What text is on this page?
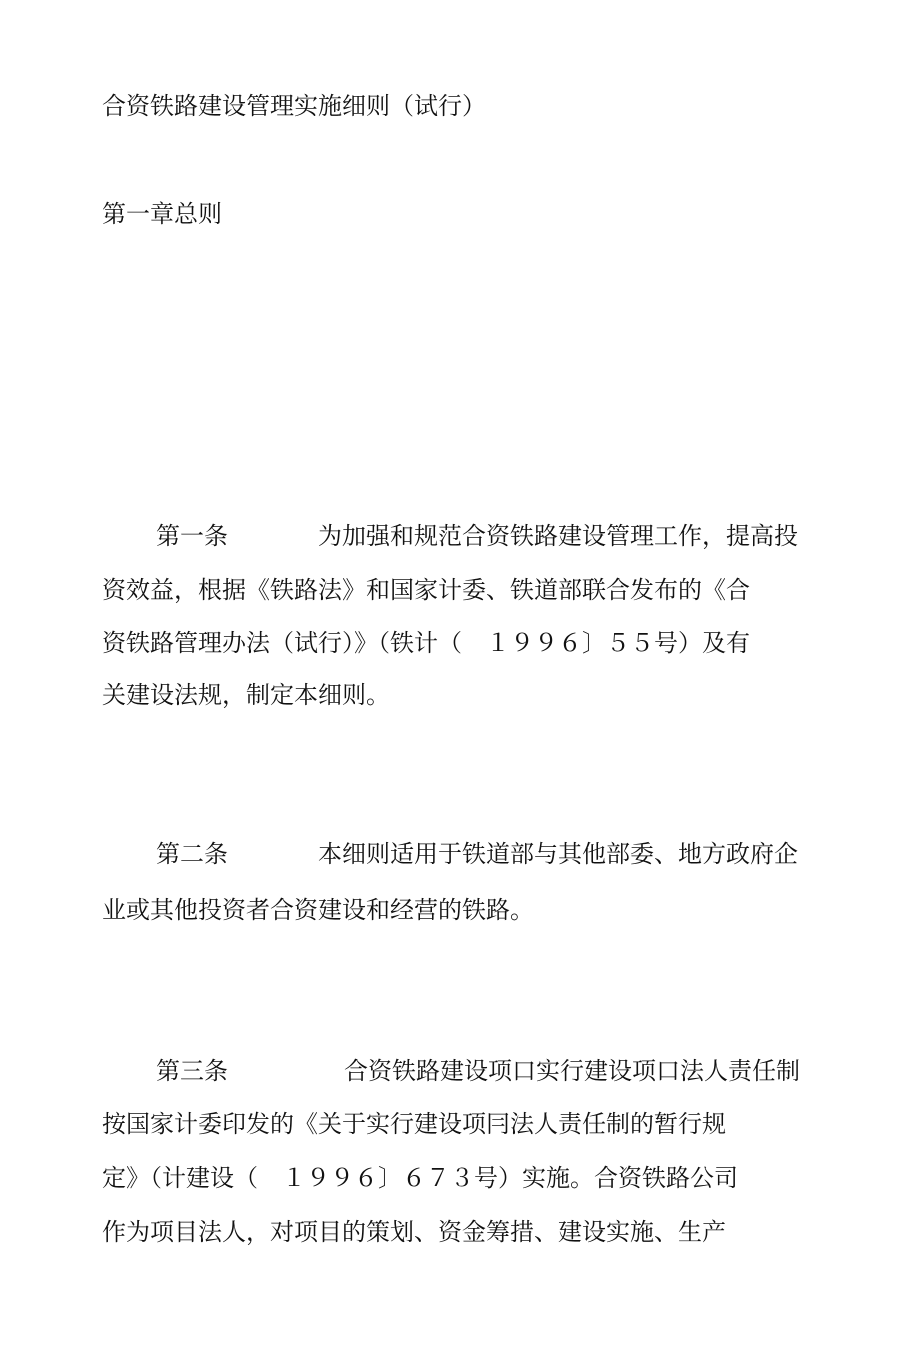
合资铁路建设管理实施细则（试行）
第一章总则
第一条	为加强和规范合资铁路建设管理工作，提高投
资效益，根据《铁路法》和国家计委、铁道部联合发布的《合
资铁路管理办法（试行）》（铁计（　１９９６〕５５号）及有
关建设法规，制定本细则。
第二条	本细则适用于铁道部与其他部委、地方政府企
业或其他投资者合资建设和经营的铁路。
第三条	合资铁路建设项口实行建设项口法人责任制
按国家计委印发的《关于实行建设项冃法人责任制的暂行规
定》（计建设（　１９９６〕６７３号）实施。合资铁路公司
作为项目法人，对项目的策划、资金筹措、建设实施、生产
